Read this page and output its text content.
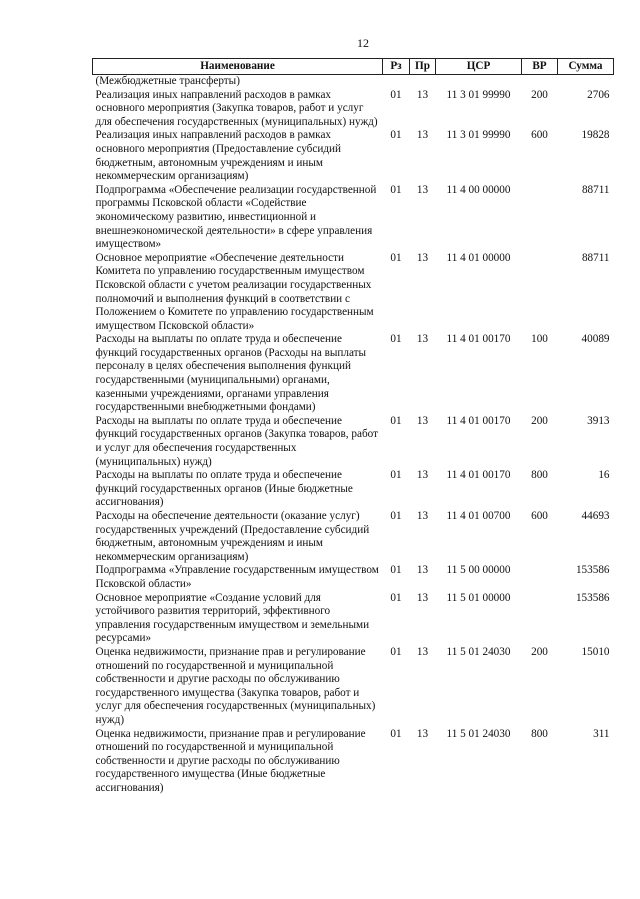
12
Наименование	Рз	Пр	ЦСР	ВР	Сумма
(Межбюджетные трансферты)					
Реализация иных направлений расходов в рамках основного мероприятия (Закупка товаров, работ и услуг для обеспечения государственных (муниципальных) нужд)	01	13	11 3 01 99990	200	2706
Реализация иных направлений расходов в рамках основного мероприятия (Предоставление субсидий бюджетным, автономным учреждениям и иным некоммерческим организациям)	01	13	11 3 01 99990	600	19828
Подпрограмма «Обеспечение реализации государственной программы Псковской области «Содействие экономическому развитию, инвестиционной и внешнеэкономической деятельности» в сфере управления имуществом»	01	13	11 4 00 00000		88711
Основное мероприятие «Обеспечение деятельности Комитета по управлению государственным имуществом Псковской области с учетом реализации государственных полномочий и выполнения функций в соответствии с Положением о Комитете по управлению государственным имуществом Псковской области»	01	13	11 4 01 00000		88711
Расходы на выплаты по оплате труда и обеспечение функций государственных органов (Расходы на выплаты персоналу в целях обеспечения выполнения функций государственными (муниципальными) органами, казенными учреждениями, органами управления государственными внебюджетными фондами)	01	13	11 4 01 00170	100	40089
Расходы на выплаты по оплате труда и обеспечение функций государственных органов (Закупка товаров, работ и услуг для обеспечения государственных (муниципальных) нужд)	01	13	11 4 01 00170	200	3913
Расходы на выплаты по оплате труда и обеспечение функций государственных органов (Иные бюджетные ассигнования)	01	13	11 4 01 00170	800	16
Расходы на обеспечение деятельности (оказание услуг) государственных учреждений (Предоставление субсидий бюджетным, автономным учреждениям и иным некоммерческим организациям)	01	13	11 4 01 00700	600	44693
Подпрограмма «Управление государственным имуществом Псковской области»	01	13	11 5 00 00000		153586
Основное мероприятие «Создание условий для устойчивого развития территорий, эффективного управления государственным имуществом и земельными ресурсами»	01	13	11 5 01 00000		153586
Оценка недвижимости, признание прав и регулирование отношений по государственной и муниципальной собственности и другие расходы по обслуживанию государственного имущества (Закупка товаров, работ и услуг для обеспечения государственных (муниципальных) нужд)	01	13	11 5 01 24030	200	15010
Оценка недвижимости, признание прав и регулирование отношений по государственной и муниципальной собственности и другие расходы по обслуживанию государственного имущества (Иные бюджетные ассигнования)	01	13	11 5 01 24030	800	311
